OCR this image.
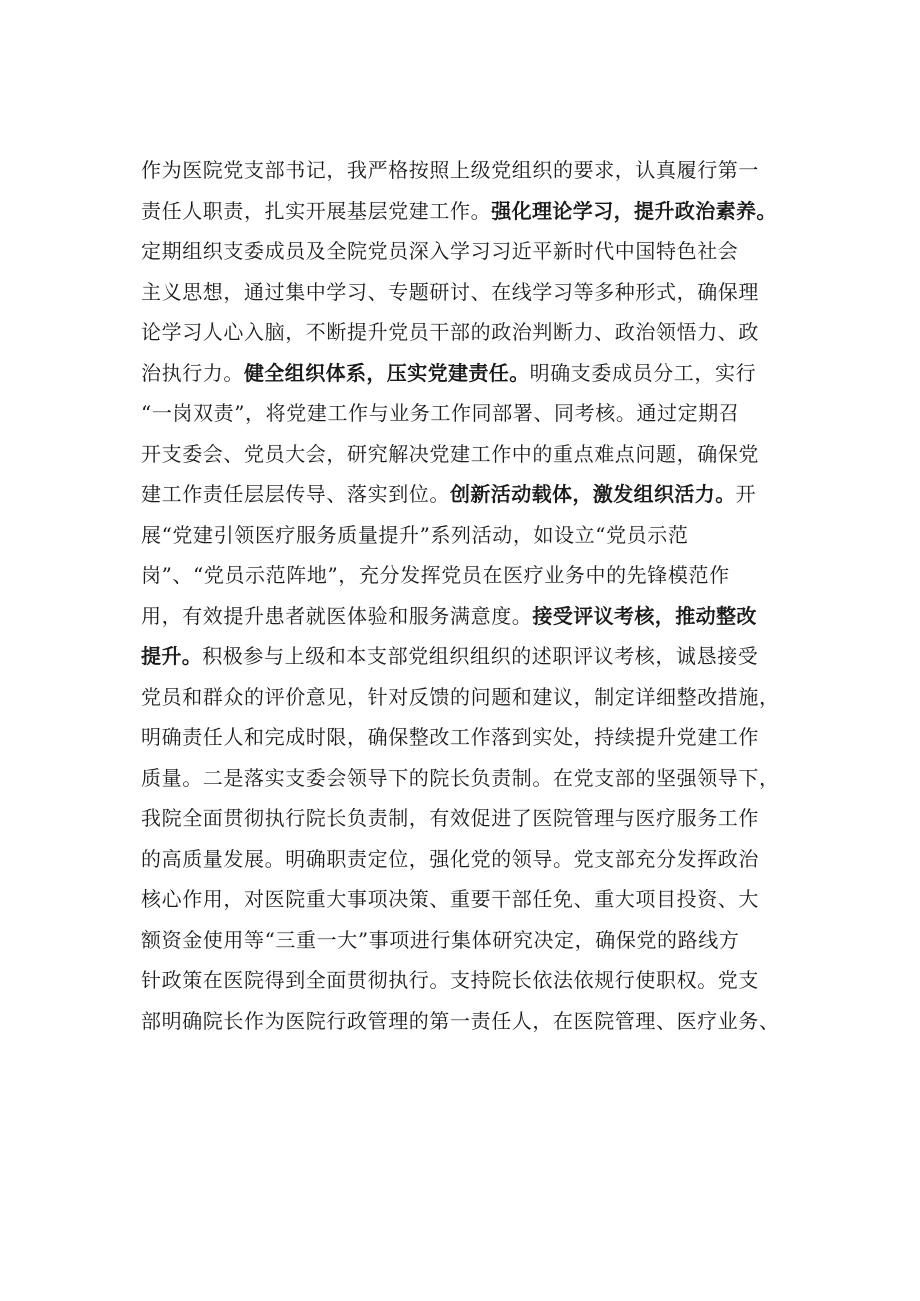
作为医院党支部书记，我严格按照上级党组织的要求，认真履行第一
责任人职责，扎实开展基层党建工作。强化理论学习，提升政治素养。
定期组织支委成员及全院党员深入学习习近平新时代中国特色社会
主义思想，通过集中学习、专题研讨、在线学习等多种形式，确保理
论学习人心入脑，不断提升党员干部的政治判断力、政治领悟力、政
治执行力。健全组织体系，压实党建责任。明确支委成员分工，实行
“一岗双责”，将党建工作与业务工作同部署、同考核。通过定期召
开支委会、党员大会，研究解决党建工作中的重点难点问题，确保党
建工作责任层层传导、落实到位。创新活动载体，激发组织活力。开
展“党建引领医疗服务质量提升”系列活动，如设立“党员示范
岗”、“党员示范阵地”，充分发挥党员在医疗业务中的先锋模范作
用，有效提升患者就医体验和服务满意度。接受评议考核，推动整改
提升。积极参与上级和本支部党组织组织的述职评议考核，诚恳接受
党员和群众的评价意见，针对反馈的问题和建议，制定详细整改措施，
明确责任人和完成时限，确保整改工作落到实处，持续提升党建工作
质量。二是落实支委会领导下的院长负责制。在党支部的坚强领导下，
我院全面贯彻执行院长负责制，有效促进了医院管理与医疗服务工作
的高质量发展。明确职责定位，强化党的领导。党支部充分发挥政治
核心作用，对医院重大事项决策、重要干部任免、重大项目投资、大
额资金使用等“三重一大”事项进行集体研究决定，确保党的路线方
针政策在医院得到全面贯彻执行。支持院长依法依规行使职权。党支
部明确院长作为医院行政管理的第一责任人，在医院管理、医疗业务、
